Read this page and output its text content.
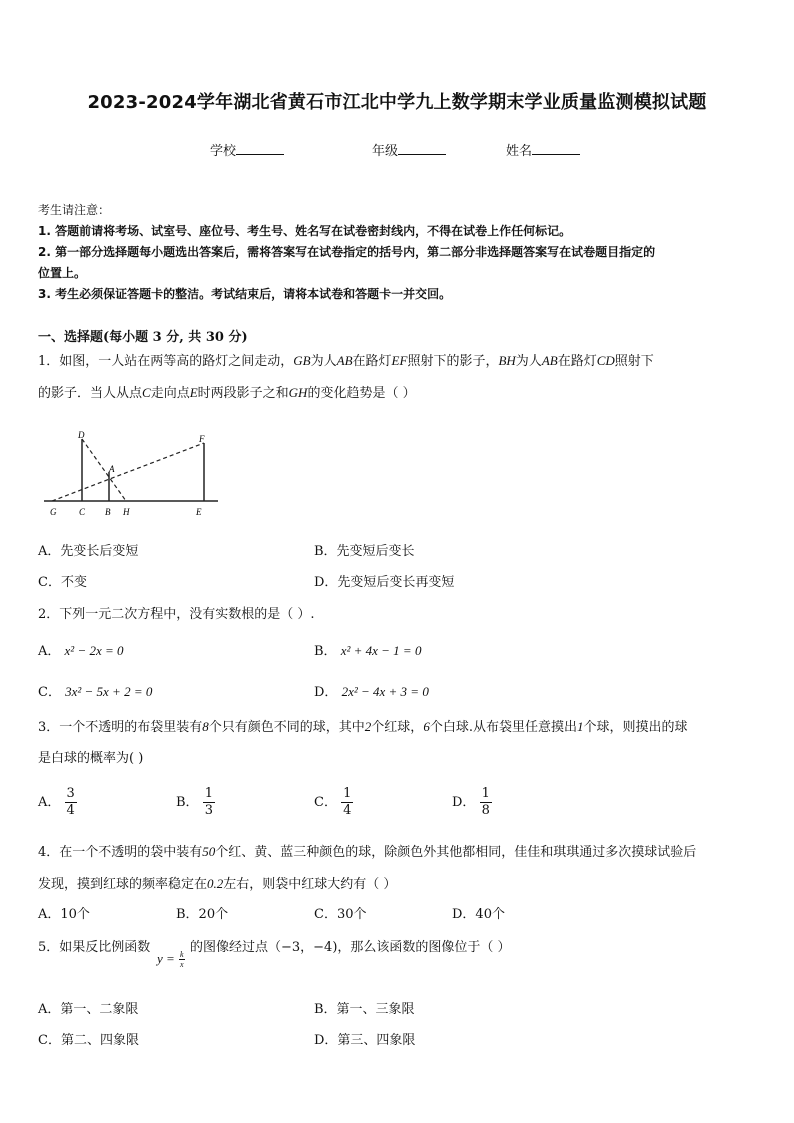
2023-2024学年湖北省黄石市江北中学九上数学期末学业质量监测模拟试题
学校	年级	姓名
考生请注意：
1. 答题前请将考场、试室号、座位号、考生号、姓名写在试卷密封线内，不得在试卷上作任何标记。
2. 第一部分选择题每小题选出答案后，需将答案写在试卷指定的括号内，第二部分非选择题答案写在试卷题目指定的
位置上。
3. 考生必须保证答题卡的整洁。考试结束后，请将本试卷和答题卡一并交回。
一、选择题(每小题 3 分, 共 30 分)
1．如图，一人站在两等高的路灯之间走动，GB为人AB在路灯EF照射下的影子，BH为人AB在路灯CD照射下
的影子．当人从点C走向点E时两段影子之和GH的变化趋势是（ ）
D	F
A
G	C B H	E
A．先变长后变短	B．先变短后变长
C．不变	D．先变短后变长再变短
2．下列一元二次方程中，没有实数根的是（ ）.
A． x² − 2x = 0	B． x² + 4x − 1 = 0
C． 3x² − 5x + 2 = 0	D． 2x² − 4x + 3 = 0
3．一个不透明的布袋里装有8个只有颜色不同的球，其中2个红球，6个白球.从布袋里任意摸出1个球，则摸出的球
是白球的概率为( )
A． $\frac{3}{4}$	B． $\frac{1}{3}$	C． $\frac{1}{4}$	D． $\frac{1}{8}$
4．在一个不透明的袋中装有50个红、黄、蓝三种颜色的球，除颜色外其他都相同，佳佳和琪琪通过多次摸球试验后
发现，摸到红球的频率稳定在0.2左右，则袋中红球大约有（ ）
A．10个	B．20个	C．30个	D．40个
5．如果反比例函数
$y = \frac{k}{x}$
的图像经过点（−3，−4)，那么该函数的图像位于（ ）
A．第一、二象限	B．第一、三象限
C．第二、四象限	D．第三、四象限
